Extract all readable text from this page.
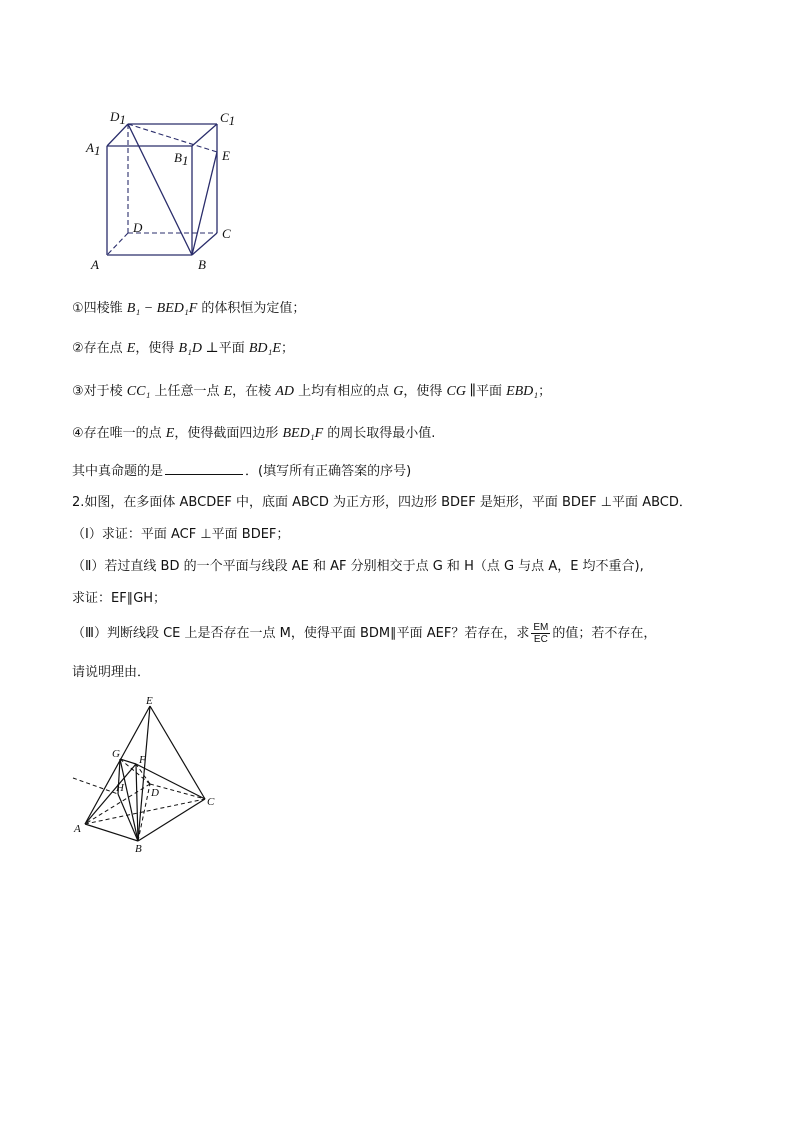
D1	C1
A1	B1	E
D	C
A	B
①四棱锥 B₁ − BED₁F 的体积恒为定值；
②存在点 E，使得 B₁D ⊥平面 BD₁E；
③对于棱 CC₁ 上任意一点 E，在棱 AD 上均有相应的点 G，使得 CG ∥平面 EBD₁；
④存在唯一的点 E，使得截面四边形 BED₁F 的周长取得最小值.
其中真命题的是	．(填写所有正确答案的序号)
2.如图，在多面体 ABCDEF 中，底面 ABCD 为正方形，四边形 BDEF 是矩形，平面 BDEF ⊥平面 ABCD．
（Ⅰ）求证：平面 ACF ⊥平面 BDEF；
（Ⅱ）若过直线 BD 的一个平面与线段 AE 和 AF 分别相交于点 G 和 H（点 G 与点 A，E 均不重合),
求证：EF∥GH；
（Ⅲ）判断线段 CE 上是否存在一点 M，使得平面 BDM∥平面 AEF？若存在，求 $\frac{EM}{EC}$ 的值；若不存在，
请说明理由．
E
G F
H D
C
A
B
